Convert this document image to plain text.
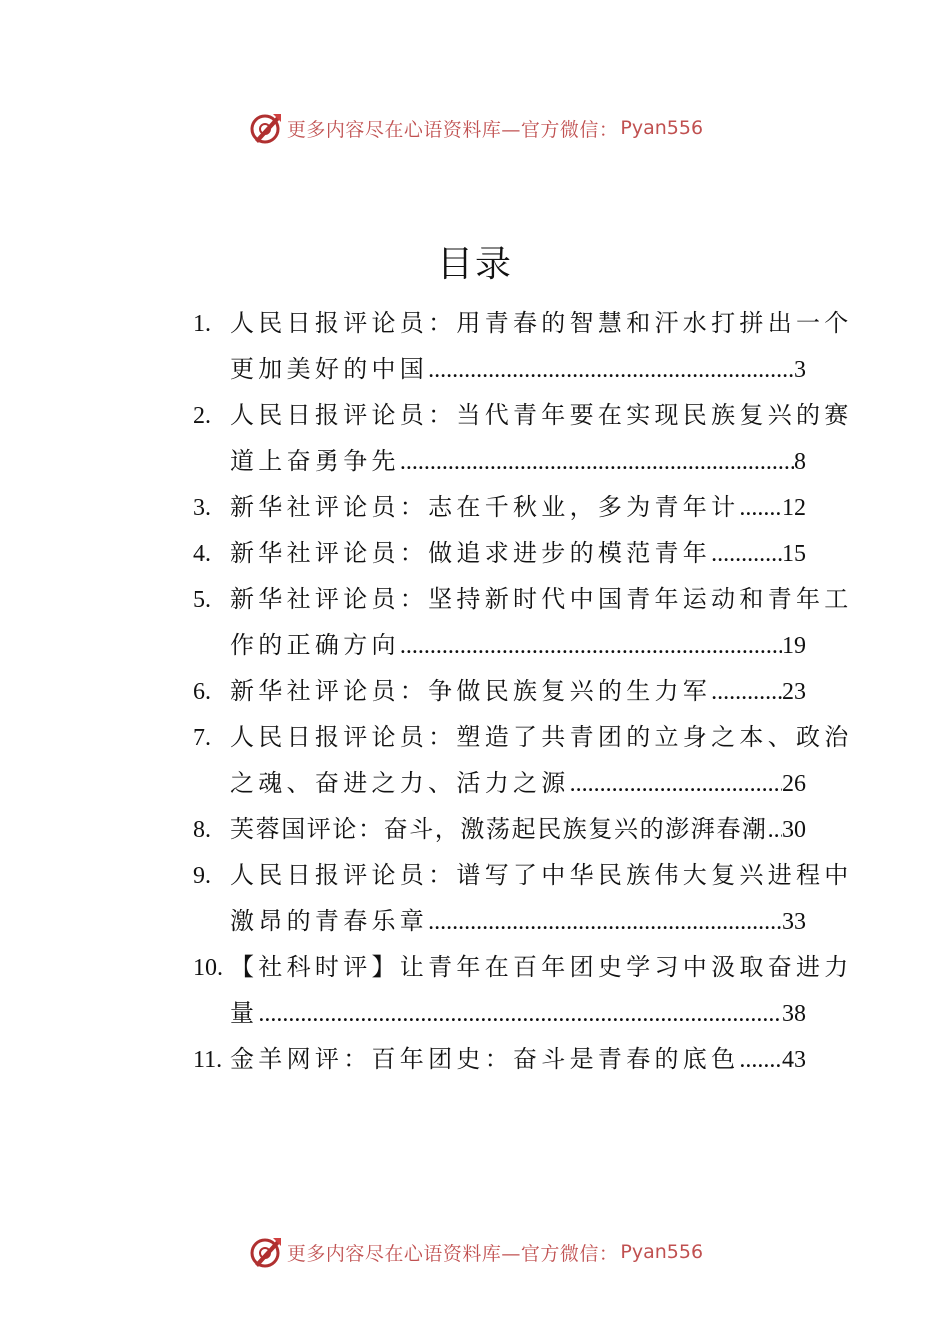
更多内容尽在心语资料库—官方微信： Pyan556
目录
1. 人民日报评论员：用青春的智慧和汗水打拼出一个
更加美好的中国 .....	3
2. 人民日报评论员：当代青年要在实现民族复兴的赛
道上奋勇争先 .....	8
3. 新华社评论员：志在千秋业，多为青年计 ..... 12
4. 新华社评论员：做追求进步的模范青年 .....	15
5. 新华社评论员：坚持新时代中国青年运动和青年工
作的正确方向 .....	19
6. 新华社评论员：争做民族复兴的生力军 .....	23
7. 人民日报评论员：塑造了共青团的立身之本、政治
之魂、奋进之力、活力之源 .....	26
8. 芙蓉国评论：奋斗，激荡起民族复兴的澎湃春潮 ..... 30
9. 人民日报评论员：谱写了中华民族伟大复兴进程中
激昂的青春乐章 .....	33
10. 【社科时评】让青年在百年团史学习中汲取奋进力
量 .....	38
11. 金羊网评：百年团史：奋斗是青春的底色 ..... 43
更多内容尽在心语资料库—官方微信： Pyan556
